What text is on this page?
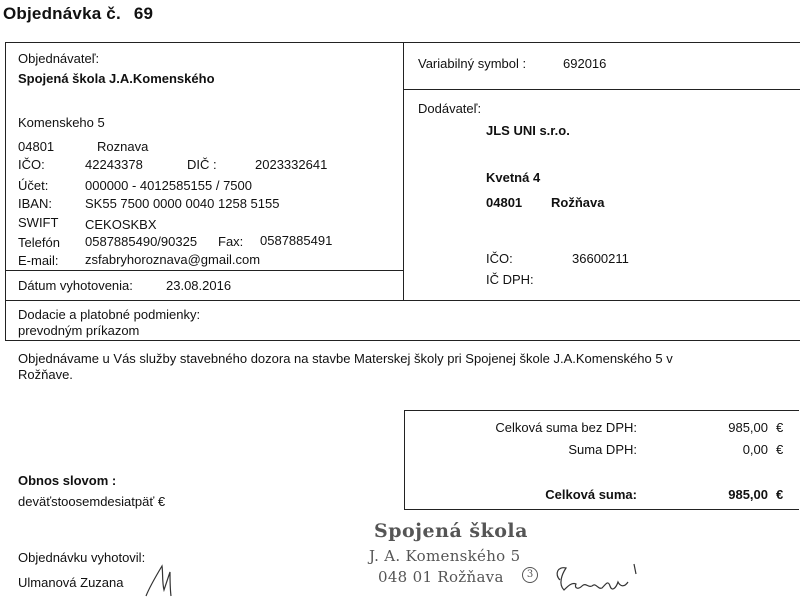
Objednávka č. 69
Objednávateľ:
Spojená škola J.A.Komenského
Komenskeho 5
04801	Roznava
IČO:	42243378	DIČ :	2023332641
Účet:	000000 - 4012585155 / 7500
IBAN:	SK55 7500 0000 0040 1258 5155
SWIFT CEKOSKBX
Telefón 0587885490/90325 Fax: 0587885491
E-mail: zsfabryhoroznava@gmail.com
Dátum vyhotovenia:	23.08.2016
Variabilný symbol :	692016
Dodávateľ:
JLS UNI s.r.o.
Kvetná 4
04801 Rožňava
IČO:	36600211
IČ DPH:
Dodacie a platobné podmienky:
prevodným príkazom
Objednávame u Vás služby stavebného dozora na stavbe Materskej školy pri Spojenej škole J.A.Komenského 5 v
Rožňave.
Celková suma bez DPH:	985,00 €
Suma DPH:	0,00 €
Celková suma:	985,00 €
Obnos slovom :
deväťstoosemdesiatpäť €
Objednávku vyhotovil:
Ulmanová Zuzana
Spojená škola
J. A. Komenského 5
048 01 Rožňava	3
